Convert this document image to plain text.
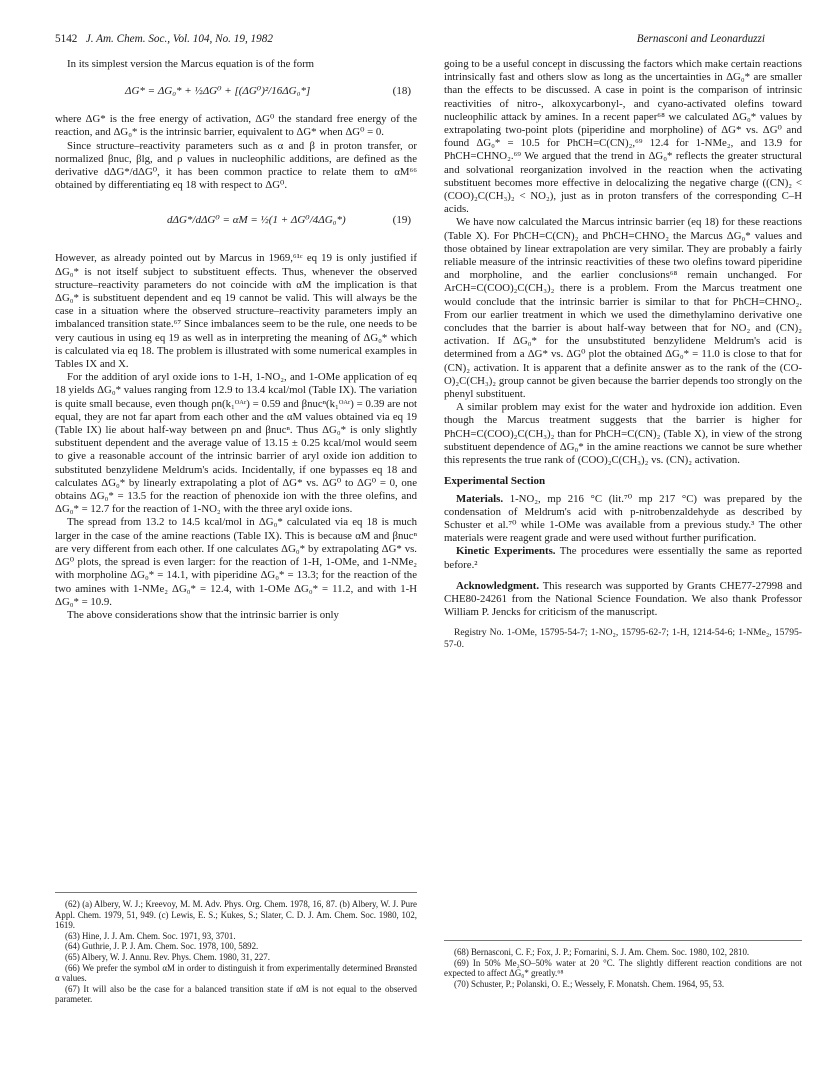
5142 J. Am. Chem. Soc., Vol. 104, No. 19, 1982	Bernasconi and Leonarduzzi

In its simplest version the Marcus equation is of the form

ΔG* = ΔG₀* + ½ΔG⁰ + [(ΔG⁰)²/16ΔG₀*]	(18)

where ΔG* is the free energy of activation, ΔG⁰ the standard free energy of the reaction, and ΔG₀* is the intrinsic barrier, equivalent to ΔG* when ΔG⁰ = 0.

Since structure–reactivity parameters such as α and β in proton transfer, or normalized βnuc, βlg, and ρ values in nucleophilic additions, are defined as the derivative dΔG*/dΔG⁰, it has been common practice to relate them to αM⁶⁶ obtained by differentiating eq 18 with respect to ΔG⁰.

dΔG*/dΔG⁰ = αM = ½(1 + ΔG⁰/4ΔG₀*)	(19)

However, as already pointed out by Marcus in 1969,⁶¹ᶜ eq 19 is only justified if ΔG₀* is not itself subject to substituent effects. Thus, whenever the observed structure–reactivity parameters do not coincide with αM the implication is that ΔG₀* is substituent dependent and eq 19 cannot be valid. This will always be the case in a situation where the observed structure–reactivity parameters imply an imbalanced transition state.⁶⁷ Since imbalances seem to be the rule, one needs to be very cautious in using eq 19 as well as in interpreting the meaning of ΔG₀* which is calculated via eq 18. The problem is illustrated with some numerical examples in Tables IX and X.

For the addition of aryl oxide ions to 1-H, 1-NO₂, and 1-OMe application of eq 18 yields ΔG₀* values ranging from 12.9 to 13.4 kcal/mol (Table IX). The variation is quite small because, even though ρn(k₁ᴼᴬʳ) = 0.59 and βnucⁿ(k₁ᴼᴬʳ) = 0.39 are not equal, they are not far apart from each other and the αM values obtained via eq 19 (Table IX) lie about half-way between ρn and βnucⁿ. Thus ΔG₀* is only slightly substituent dependent and the average value of 13.15 ± 0.25 kcal/mol would seem to give a reasonable account of the intrinsic barrier of aryl oxide ion addition to substituted benzylidene Meldrum's acids. Incidentally, if one bypasses eq 18 and calculates ΔG₀* by linearly extrapolating a plot of ΔG* vs. ΔG⁰ to ΔG⁰ = 0, one obtains ΔG₀* = 13.5 for the reaction of phenoxide ion with the three olefins, and ΔG₀* = 12.7 for the reaction of 1-NO₂ with the three aryl oxide ions.

The spread from 13.2 to 14.5 kcal/mol in ΔG₀* calculated via eq 18 is much larger in the case of the amine reactions (Table IX). This is because αM and βnucⁿ are very different from each other. If one calculates ΔG₀* by extrapolating ΔG* vs. ΔG⁰ plots, the spread is even larger: for the reaction of 1-H, 1-OMe, and 1-NMe₂ with morpholine ΔG₀* = 14.1, with piperidine ΔG₀* = 13.3; for the reaction of the two amines with 1-NMe₂ ΔG₀* = 12.4, with 1-OMe ΔG₀* = 11.2, and with 1-H ΔG₀* = 10.9.

The above considerations show that the intrinsic barrier is only

(62) (a) Albery, W. J.; Kreevoy, M. M. Adv. Phys. Org. Chem. 1978, 16, 87. (b) Albery, W. J. Pure Appl. Chem. 1979, 51, 949. (c) Lewis, E. S.; Kukes, S.; Slater, C. D. J. Am. Chem. Soc. 1980, 102, 1619.
(63) Hine, J. J. Am. Chem. Soc. 1971, 93, 3701.
(64) Guthrie, J. P. J. Am. Chem. Soc. 1978, 100, 5892.
(65) Albery, W. J. Annu. Rev. Phys. Chem. 1980, 31, 227.
(66) We prefer the symbol αM in order to distinguish it from experimentally determined Brønsted α values.
(67) It will also be the case for a balanced transition state if αM is not equal to the observed parameter.

going to be a useful concept in discussing the factors which make certain reactions intrinsically fast and others slow as long as the uncertainties in ΔG₀* are smaller than the effects to be discussed. A case in point is the comparison of intrinsic reactivities of nitro-, alkoxycarbonyl-, and cyano-activated olefins toward nucleophilic attack by amines. In a recent paper⁶⁸ we calculated ΔG₀* values by extrapolating two-point plots (piperidine and morpholine) of ΔG* vs. ΔG⁰ and found ΔG₀* = 10.5 for PhCH=C(CN)₂,⁶⁹ 12.4 for 1-NMe₂, and 13.9 for PhCH=CHNO₂.⁶⁹ We argued that the trend in ΔG₀* reflects the greater structural and solvational reorganization involved in the reaction when the activating substituent becomes more effective in delocalizing the negative charge ((CN)₂ < (COO)₂C(CH₃)₂ < NO₂), just as in proton transfers of the corresponding C–H acids.

We have now calculated the Marcus intrinsic barrier (eq 18) for these reactions (Table X). For PhCH=C(CN)₂ and PhCH=CHNO₂ the Marcus ΔG₀* values and those obtained by linear extrapolation are very similar. They are probably a fairly reliable measure of the intrinsic reactivities of these two olefins toward piperidine and morpholine, and the earlier conclusions⁶⁸ remain unchanged. For ArCH=C(COO)₂C(CH₃)₂ there is a problem. From the Marcus treatment one would conclude that the intrinsic barrier is similar to that for PhCH=CHNO₂. From our earlier treatment in which we used the dimethylamino derivative one concludes that the barrier is about half-way between that for NO₂ and (CN)₂ activation. If ΔG₀* for the unsubstituted benzylidene Meldrum's acid is determined from a ΔG* vs. ΔG⁰ plot the obtained ΔG₀* = 11.0 is close to that for (CN)₂ activation. It is apparent that a definite answer as to the rank of the (CO-O)₂C(CH₃)₂ group cannot be given because the barrier depends too strongly on the phenyl substituent.

A similar problem may exist for the water and hydroxide ion addition. Even though the Marcus treatment suggests that the barrier is higher for PhCH=C(COO)₂C(CH₃)₂ than for PhCH=C(CN)₂ (Table X), in view of the strong substituent dependence of ΔG₀* in the amine reactions we cannot be sure whether this represents the true rank of (COO)₂C(CH₃)₂ vs. (CN)₂ activation.

Experimental Section

Materials. 1-NO₂, mp 216 °C (lit.⁷⁰ mp 217 °C) was prepared by the condensation of Meldrum's acid with p-nitrobenzaldehyde as described by Schuster et al.⁷⁰ while 1-OMe was available from a previous study.³ The other materials were reagent grade and were used without further purification.

Kinetic Experiments. The procedures were essentially the same as reported before.²

Acknowledgment. This research was supported by Grants CHE77-27998 and CHE80-24261 from the National Science Foundation. We also thank Professor William P. Jencks for criticism of the manuscript.

Registry No. 1-OMe, 15795-54-7; 1-NO₂, 15795-62-7; 1-H, 1214-54-6; 1-NMe₂, 15795-57-0.
(68) Bernasconi, C. F.; Fox, J. P.; Fornarini, S. J. Am. Chem. Soc. 1980, 102, 2810.
(69) In 50% Me₂SO–50% water at 20 °C. The slightly different reaction conditions are not expected to affect ΔG₀* greatly.⁶⁸
(70) Schuster, P.; Polanski, O. E.; Wessely, F. Monatsh. Chem. 1964, 95, 53.
